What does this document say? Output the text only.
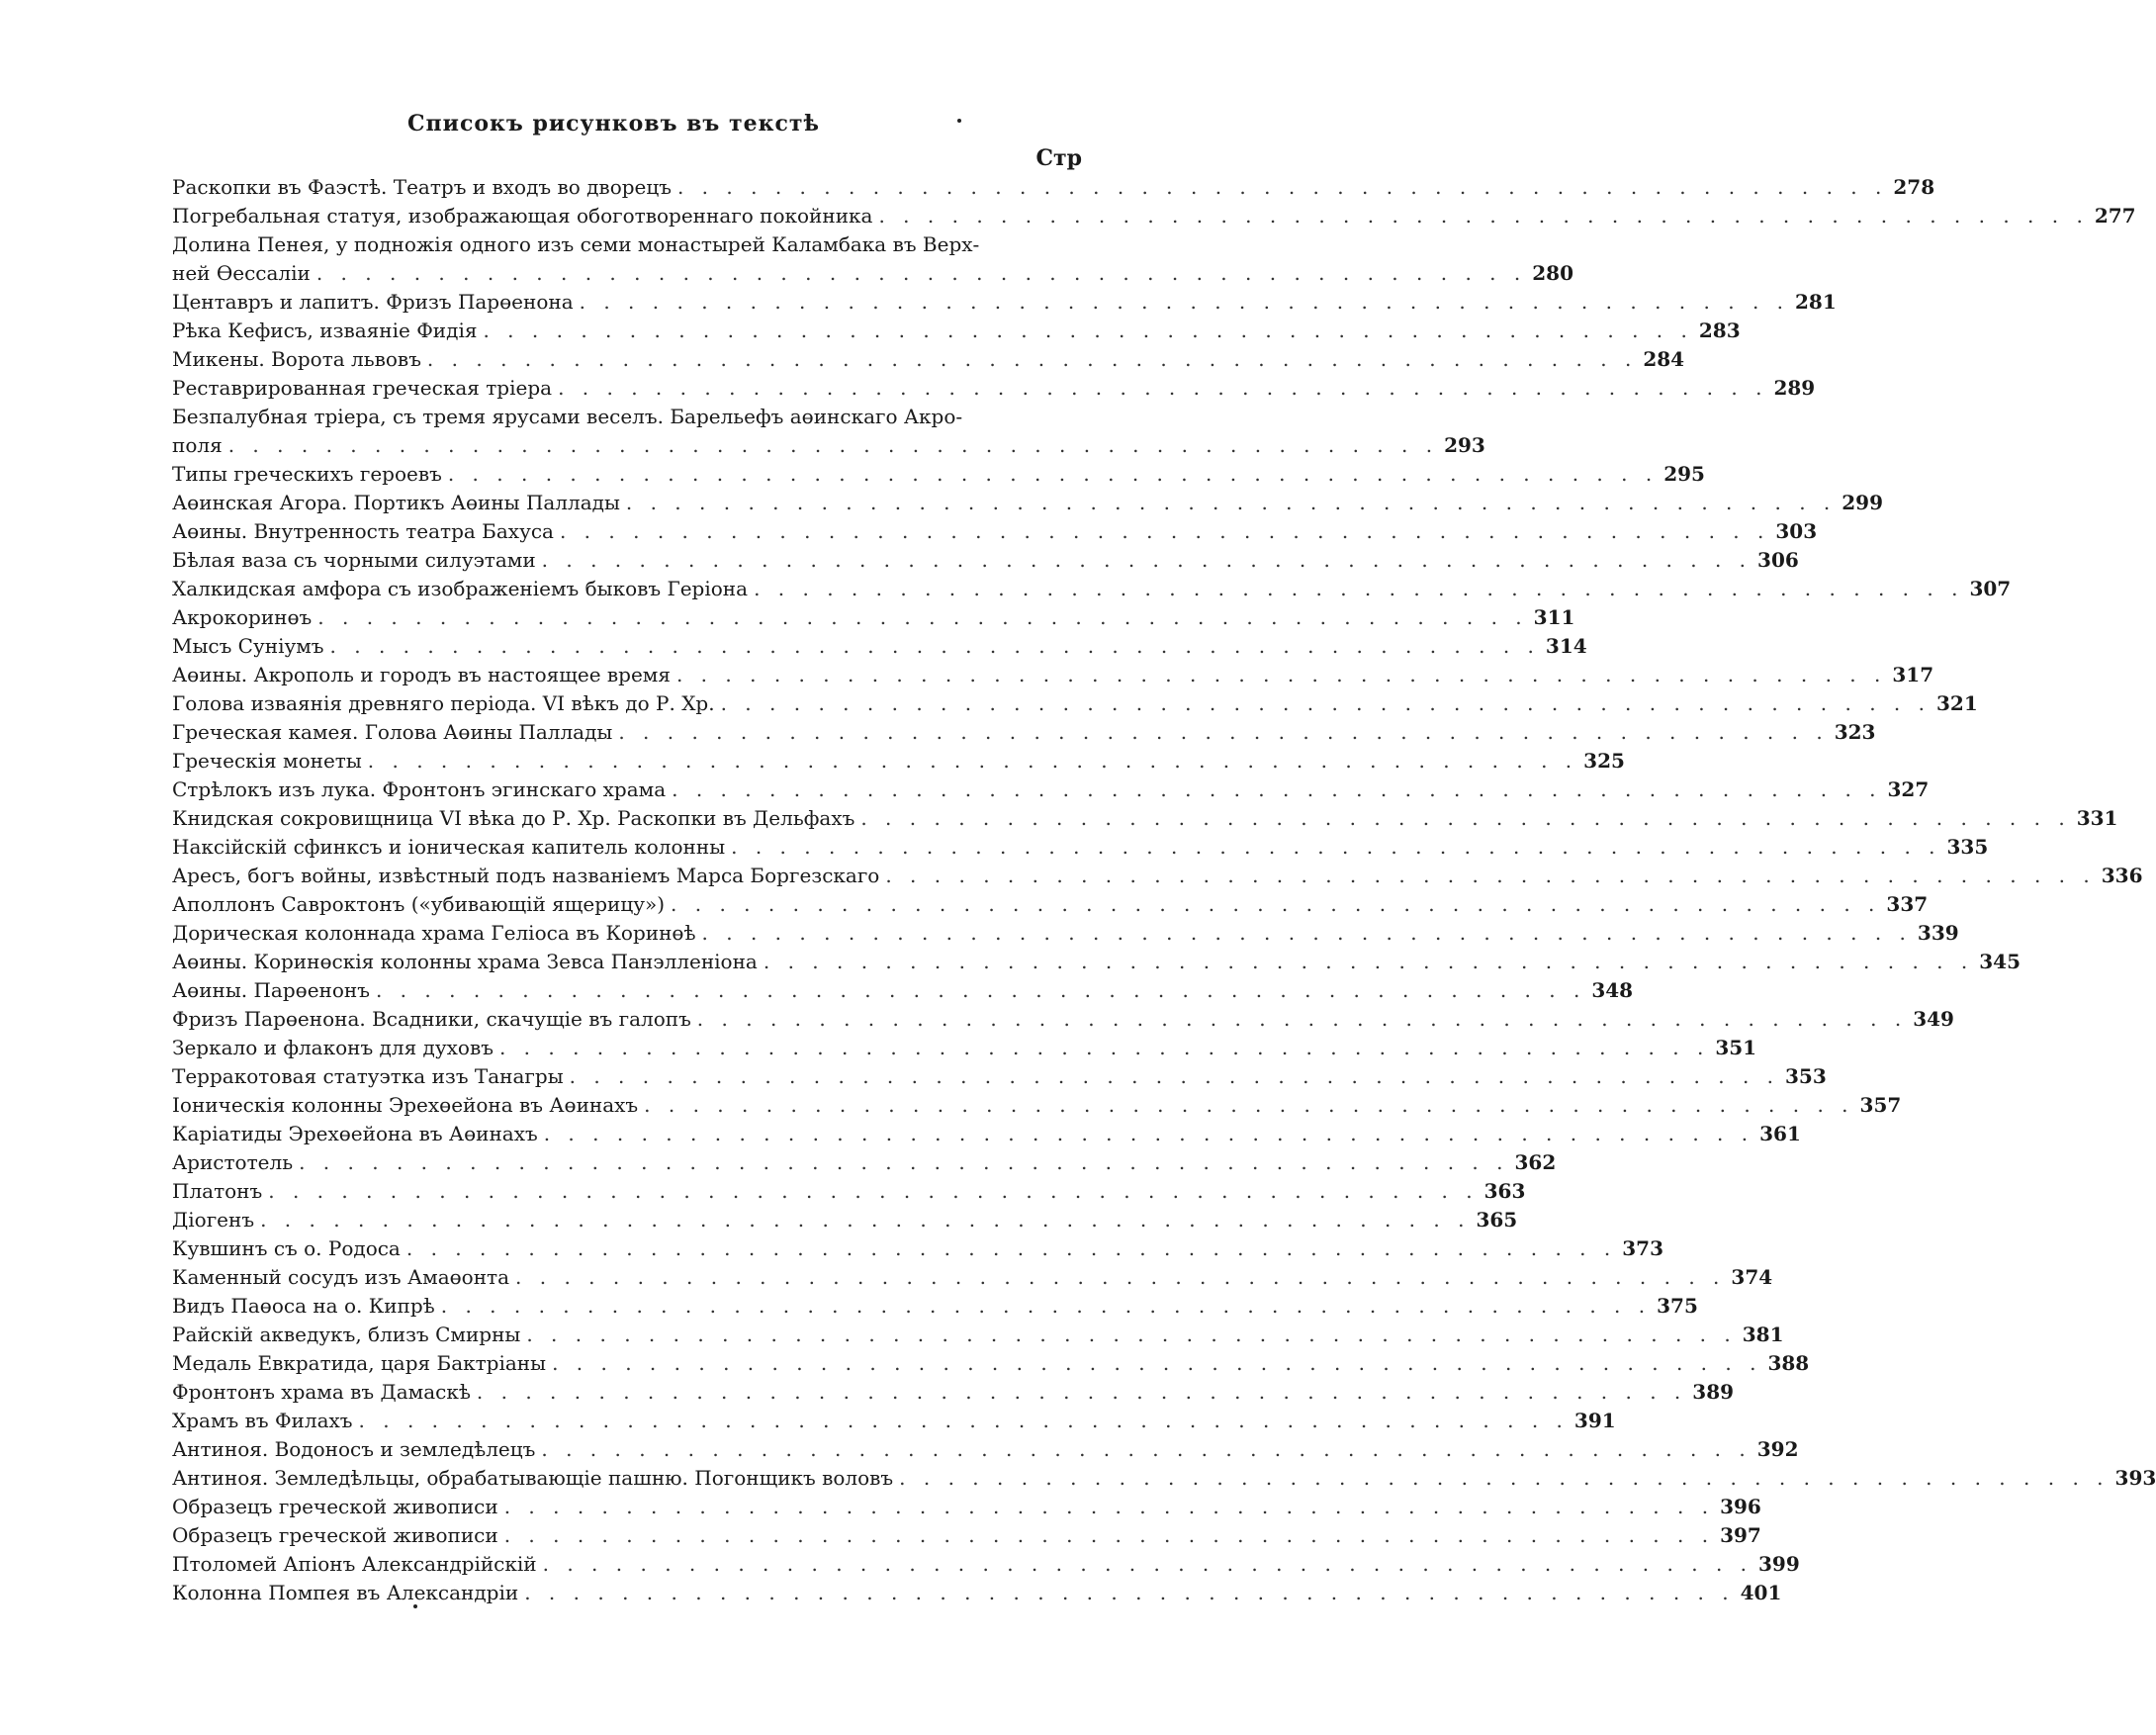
Списокъ рисунковъ въ текстѣ
Стр
Раскопки въ Фаэстѣ. Театръ и входъ во дворецъ . . . . . . . . . . . . . . . . . . . . . . . . . . . . . . . . . . . . . . . . . . . . . . . . . . 278
Погребальная статуя, изображающая обоготвореннаго покойника . . . . . . . . . . . . . . . . . . . . . . . . . . . . . . . . . . . . . . . . . . . . . . . . . . 277
Долина Пенея, у подножія одного изъ семи монастырей Каламбака въ Верх-
ней Өессаліи . . . . . . . . . . . . . . . . . . . . . . . . . . . . . . . . . . . . . . . . . . . . . . . . . . 280
Центавръ и лапитъ. Фризъ Парөенона . . . . . . . . . . . . . . . . . . . . . . . . . . . . . . . . . . . . . . . . . . . . . . . . . . 281
Рѣка Кефисъ, изваяніе Фидія . . . . . . . . . . . . . . . . . . . . . . . . . . . . . . . . . . . . . . . . . . . . . . . . . . 283
Микены. Ворота львовъ . . . . . . . . . . . . . . . . . . . . . . . . . . . . . . . . . . . . . . . . . . . . . . . . . . 284
Реставрированная греческая тріера . . . . . . . . . . . . . . . . . . . . . . . . . . . . . . . . . . . . . . . . . . . . . . . . . . 289
Безпалубная тріера, съ тремя ярусами веселъ. Барельефъ аөинскаго Акро-
поля . . . . . . . . . . . . . . . . . . . . . . . . . . . . . . . . . . . . . . . . . . . . . . . . . . 293
Типы греческихъ героевъ . . . . . . . . . . . . . . . . . . . . . . . . . . . . . . . . . . . . . . . . . . . . . . . . . . 295
Аөинская Агора. Портикъ Аөины Паллады . . . . . . . . . . . . . . . . . . . . . . . . . . . . . . . . . . . . . . . . . . . . . . . . . . 299
Аөины. Внутренность театра Бахуса . . . . . . . . . . . . . . . . . . . . . . . . . . . . . . . . . . . . . . . . . . . . . . . . . . 303
Бѣлая ваза съ чорными силуэтами . . . . . . . . . . . . . . . . . . . . . . . . . . . . . . . . . . . . . . . . . . . . . . . . . . 306
Халкидская амфора съ изображеніемъ быковъ Геріона . . . . . . . . . . . . . . . . . . . . . . . . . . . . . . . . . . . . . . . . . . . . . . . . . . 307
Акрокоринөъ . . . . . . . . . . . . . . . . . . . . . . . . . . . . . . . . . . . . . . . . . . . . . . . . . . 311
Мысъ Суніумъ . . . . . . . . . . . . . . . . . . . . . . . . . . . . . . . . . . . . . . . . . . . . . . . . . . 314
Аөины. Акрополь и городъ въ настоящее время . . . . . . . . . . . . . . . . . . . . . . . . . . . . . . . . . . . . . . . . . . . . . . . . . . 317
Голова изваянія древняго періода. VI вѣкъ до Р. Хр. . . . . . . . . . . . . . . . . . . . . . . . . . . . . . . . . . . . . . . . . . . . . . . . . . . 321
Греческая камея. Голова Аөины Паллады . . . . . . . . . . . . . . . . . . . . . . . . . . . . . . . . . . . . . . . . . . . . . . . . . . 323
Греческія монеты . . . . . . . . . . . . . . . . . . . . . . . . . . . . . . . . . . . . . . . . . . . . . . . . . . 325
Стрѣлокъ изъ лука. Фронтонъ эгинскаго храма . . . . . . . . . . . . . . . . . . . . . . . . . . . . . . . . . . . . . . . . . . . . . . . . . . 327
Книдская сокровищница VI вѣка до Р. Хр. Раскопки въ Дельфахъ . . . . . . . . . . . . . . . . . . . . . . . . . . . . . . . . . . . . . . . . . . . . . . . . . . 331
Наксійскій сфинксъ и іоническая капитель колонны . . . . . . . . . . . . . . . . . . . . . . . . . . . . . . . . . . . . . . . . . . . . . . . . . . 335
Аресъ, богъ войны, извѣстный подъ названіемъ Марса Боргезскаго . . . . . . . . . . . . . . . . . . . . . . . . . . . . . . . . . . . . . . . . . . . . . . . . . . 336
Аполлонъ Савроктонъ («убивающій ящерицу») . . . . . . . . . . . . . . . . . . . . . . . . . . . . . . . . . . . . . . . . . . . . . . . . . . 337
Дорическая колоннада храма Геліоса въ Коринөѣ . . . . . . . . . . . . . . . . . . . . . . . . . . . . . . . . . . . . . . . . . . . . . . . . . . 339
Аөины. Коринөскія колонны храма Зевса Панэлленіона . . . . . . . . . . . . . . . . . . . . . . . . . . . . . . . . . . . . . . . . . . . . . . . . . . 345
Аөины. Парөенонъ . . . . . . . . . . . . . . . . . . . . . . . . . . . . . . . . . . . . . . . . . . . . . . . . . . 348
Фризъ Парөенона. Всадники, скачущіе въ галопъ . . . . . . . . . . . . . . . . . . . . . . . . . . . . . . . . . . . . . . . . . . . . . . . . . . 349
Зеркало и флаконъ для духовъ . . . . . . . . . . . . . . . . . . . . . . . . . . . . . . . . . . . . . . . . . . . . . . . . . . 351
Терракотовая статуэтка изъ Танагры . . . . . . . . . . . . . . . . . . . . . . . . . . . . . . . . . . . . . . . . . . . . . . . . . . 353
Іоническія колонны Эрехөейона въ Аөинахъ . . . . . . . . . . . . . . . . . . . . . . . . . . . . . . . . . . . . . . . . . . . . . . . . . . 357
Каріатиды Эрехөейона въ Аөинахъ . . . . . . . . . . . . . . . . . . . . . . . . . . . . . . . . . . . . . . . . . . . . . . . . . . 361
Аристотель . . . . . . . . . . . . . . . . . . . . . . . . . . . . . . . . . . . . . . . . . . . . . . . . . . 362
Платонъ . . . . . . . . . . . . . . . . . . . . . . . . . . . . . . . . . . . . . . . . . . . . . . . . . . 363
Діогенъ . . . . . . . . . . . . . . . . . . . . . . . . . . . . . . . . . . . . . . . . . . . . . . . . . . 365
Кувшинъ съ о. Родоса . . . . . . . . . . . . . . . . . . . . . . . . . . . . . . . . . . . . . . . . . . . . . . . . . . 373
Каменный сосудъ изъ Амаөонта . . . . . . . . . . . . . . . . . . . . . . . . . . . . . . . . . . . . . . . . . . . . . . . . . . 374
Видъ Паөоса на о. Кипрѣ . . . . . . . . . . . . . . . . . . . . . . . . . . . . . . . . . . . . . . . . . . . . . . . . . . 375
Райскій акведукъ, близъ Смирны . . . . . . . . . . . . . . . . . . . . . . . . . . . . . . . . . . . . . . . . . . . . . . . . . . 381
Медаль Евкратида, царя Бактріаны . . . . . . . . . . . . . . . . . . . . . . . . . . . . . . . . . . . . . . . . . . . . . . . . . . 388
Фронтонъ храма въ Дамаскѣ . . . . . . . . . . . . . . . . . . . . . . . . . . . . . . . . . . . . . . . . . . . . . . . . . . 389
Храмъ въ Филахъ . . . . . . . . . . . . . . . . . . . . . . . . . . . . . . . . . . . . . . . . . . . . . . . . . . 391
Антиноя. Водоносъ и земледѣлецъ . . . . . . . . . . . . . . . . . . . . . . . . . . . . . . . . . . . . . . . . . . . . . . . . . . 392
Антиноя. Земледѣльцы, обрабатывающіе пашню. Погонщикъ воловъ . . . . . . . . . . . . . . . . . . . . . . . . . . . . . . . . . . . . . . . . . . . . . . . . . . 393
Образецъ греческой живописи . . . . . . . . . . . . . . . . . . . . . . . . . . . . . . . . . . . . . . . . . . . . . . . . . . 396
Образецъ греческой живописи . . . . . . . . . . . . . . . . . . . . . . . . . . . . . . . . . . . . . . . . . . . . . . . . . . 397
Птоломей Апіонъ Александрійскій . . . . . . . . . . . . . . . . . . . . . . . . . . . . . . . . . . . . . . . . . . . . . . . . . . 399
Колонна Помпея въ Александріи . . . . . . . . . . . . . . . . . . . . . . . . . . . . . . . . . . . . . . . . . . . . . . . . . . 401
